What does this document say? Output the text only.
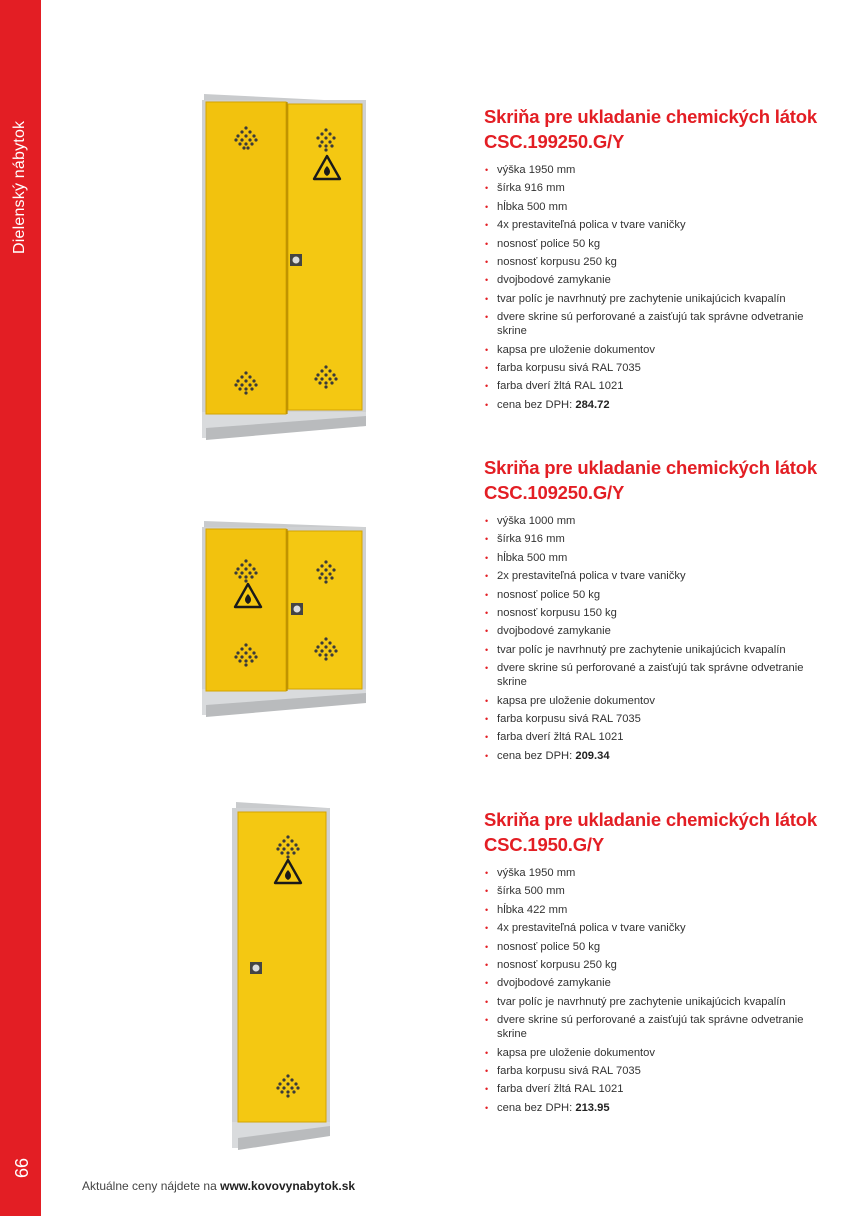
Dielenský nábytok
66
Skriňa pre ukladanie chemických látok
CSC.199250.G/Y
• výška 1950 mm
• šírka 916 mm
• hĺbka 500 mm
• 4x prestaviteľná polica v tvare vaničky
• nosnosť police 50 kg
• nosnosť korpusu 250 kg
• dvojbodové zamykanie
• tvar políc je navrhnutý pre zachytenie unikajúcich kvapalín
• dvere skrine sú perforované a zaisťujú tak správne odvetranie skrine
• kapsa pre uloženie dokumentov
• farba korpusu sivá RAL 7035
• farba dverí žltá RAL 1021
• cena bez DPH: 284.72
Skriňa pre ukladanie chemických látok
CSC.109250.G/Y
• výška 1000 mm
• šírka 916 mm
• hĺbka 500 mm
• 2x prestaviteľná polica v tvare vaničky
• nosnosť police 50 kg
• nosnosť korpusu 150 kg
• dvojbodové zamykanie
• tvar políc je navrhnutý pre zachytenie unikajúcich kvapalín
• dvere skrine sú perforované a zaisťujú tak správne odvetranie skrine
• kapsa pre uloženie dokumentov
• farba korpusu sivá RAL 7035
• farba dverí žltá RAL 1021
• cena bez DPH: 209.34
Skriňa pre ukladanie chemických látok
CSC.1950.G/Y
• výška 1950 mm
• šírka 500 mm
• hĺbka 422 mm
• 4x prestaviteľná polica v tvare vaničky
• nosnosť police 50 kg
• nosnosť korpusu 250 kg
• dvojbodové zamykanie
• tvar políc je navrhnutý pre zachytenie unikajúcich kvapalín
• dvere skrine sú perforované a zaisťujú tak správne odvetranie skrine
• kapsa pre uloženie dokumentov
• farba korpusu sivá RAL 7035
• farba dverí žltá RAL 1021
• cena bez DPH: 213.95
Aktuálne ceny nájdete na www.kovovynabytok.sk
